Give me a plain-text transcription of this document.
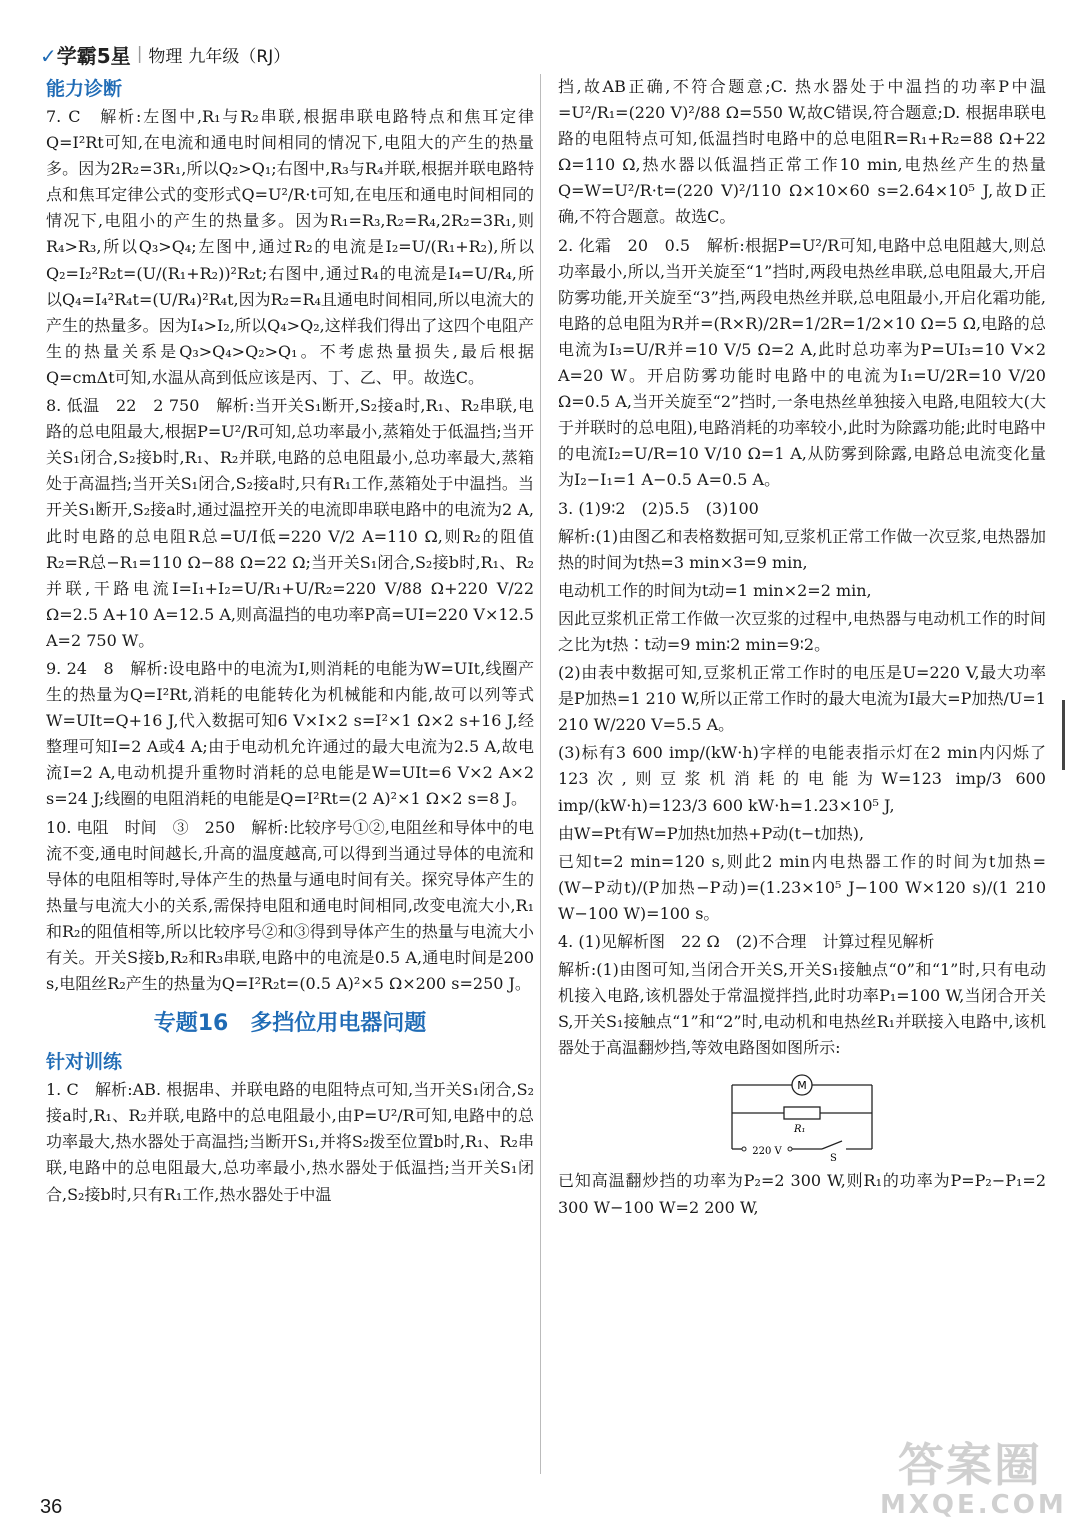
✓学霸5星 | 物理 九年级（RJ）
能力诊断

7. C　解析:左图中,R₁与R₂串联,根据串联电路特点和焦耳定律Q=I²Rt可知,在电流和通电时间相同的情况下,电阻大的产生的热量多。因为2R₂=3R₁,所以Q₂>Q₁;右图中,R₃与R₄并联,根据并联电路特点和焦耳定律公式的变形式Q=U²/R·t可知,在电压和通电时间相同的情况下,电阻小的产生的热量多。因为R₁=R₃,R₂=R₄,2R₂=3R₁,则R₄>R₃,所以Q₃>Q₄;左图中,通过R₂的电流是I₂=U/(R₁+R₂),所以Q₂=I₂²R₂t=(U/(R₁+R₂))²R₂t;右图中,通过R₄的电流是I₄=U/R₄,所以Q₄=I₄²R₄t=(U/R₄)²R₄t,因为R₂=R₄且通电时间相同,所以电流大的产生的热量多。因为I₄>I₂,所以Q₄>Q₂,这样我们得出了这四个电阻产生的热量关系是Q₃>Q₄>Q₂>Q₁。不考虑热量损失,最后根据Q=cmΔt可知,水温从高到低应该是丙、丁、乙、甲。故选C。

8. 低温　22　2 750　解析:当开关S₁断开,S₂接a时,R₁、R₂串联,电路的总电阻最大,根据P=U²/R可知,总功率最小,蒸箱处于低温挡;当开关S₁闭合,S₂接b时,R₁、R₂并联,电路的总电阻最小,总功率最大,蒸箱处于高温挡;当开关S₁闭合,S₂接a时,只有R₁工作,蒸箱处于中温挡。当开关S₁断开,S₂接a时,通过温控开关的电流即串联电路中的电流为2 A,此时电路的总电阻R总=U/I低=220 V/2 A=110 Ω,则R₂的阻值R₂=R总−R₁=110 Ω−88 Ω=22 Ω;当开关S₁闭合,S₂接b时,R₁、R₂并联,干路电流I=I₁+I₂=U/R₁+U/R₂=220 V/88 Ω+220 V/22 Ω=2.5 A+10 A=12.5 A,则高温挡的电功率P高=UI=220 V×12.5 A=2 750 W。

9. 24　8　解析:设电路中的电流为I,则消耗的电能为W=UIt,线圈产生的热量为Q=I²Rt,消耗的电能转化为机械能和内能,故可以列等式W=UIt=Q+16 J,代入数据可知6 V×I×2 s=I²×1 Ω×2 s+16 J,经整理可知I=2 A或4 A;由于电动机允许通过的最大电流为2.5 A,故电流I=2 A,电动机提升重物时消耗的总电能是W=UIt=6 V×2 A×2 s=24 J;线圈的电阻消耗的电能是Q=I²Rt=(2 A)²×1 Ω×2 s=8 J。

10. 电阻　时间　③　250　解析:比较序号①②,电阻丝和导体中的电流不变,通电时间越长,升高的温度越高,可以得到当通过导体的电流和导体的电阻相等时,导体产生的热量与通电时间有关。探究导体产生的热量与电流大小的关系,需保持电阻和通电时间相同,改变电流大小,R₁和R₂的阻值相等,所以比较序号②和③得到导体产生的热量与电流大小有关。开关S接b,R₂和R₃串联,电路中的电流是0.5 A,通电时间是200 s,电阻丝R₂产生的热量为Q=I²R₂t=(0.5 A)²×5 Ω×200 s=250 J。

专题16　多挡位用电器问题
针对训练

1. C　解析:AB. 根据串、并联电路的电阻特点可知,当开关S₁闭合,S₂接a时,R₁、R₂并联,电路中的总电阻最小,由P=U²/R可知,电路中的总功率最大,热水器处于高温挡;当断开S₁,并将S₂拨至位置b时,R₁、R₂串联,电路中的总电阻最大,总功率最小,热水器处于低温挡;当开关S₁闭合,S₂接b时,只有R₁工作,热水器处于中温

挡,故AB正确,不符合题意;C. 热水器处于中温挡的功率P中温=U²/R₁=(220 V)²/88 Ω=550 W,故C错误,符合题意;D. 根据串联电路的电阻特点可知,低温挡时电路中的总电阻R=R₁+R₂=88 Ω+22 Ω=110 Ω,热水器以低温挡正常工作10 min,电热丝产生的热量Q=W=U²/R·t=(220 V)²/110 Ω×10×60 s=2.64×10⁵ J,故D正确,不符合题意。故选C。

2. 化霜　20　0.5　解析:根据P=U²/R可知,电路中总电阻越大,则总功率最小,所以,当开关旋至“1”挡时,两段电热丝串联,总电阻最大,开启防雾功能,开关旋至“3”挡,两段电热丝并联,总电阻最小,开启化霜功能,电路的总电阻为R并=(R×R)/2R=1/2R=1/2×10 Ω=5 Ω,电路的总电流为I₃=U/R并=10 V/5 Ω=2 A,此时总功率为P=UI₃=10 V×2 A=20 W。开启防雾功能时电路中的电流为I₁=U/2R=10 V/20 Ω=0.5 A,当开关旋至“2”挡时,一条电热丝单独接入电路,电阻较大(大于并联时的总电阻),电路消耗的功率较小,此时为除露功能;此时电路中的电流I₂=U/R=10 V/10 Ω=1 A,从防雾到除露,电路总电流变化量为I₂−I₁=1 A−0.5 A=0.5 A。

3. (1)9∶2　(2)5.5　(3)100

解析:(1)由图乙和表格数据可知,豆浆机正常工作做一次豆浆,电热器加热的时间为t热=3 min×3=9 min,

电动机工作的时间为t动=1 min×2=2 min,

因此豆浆机正常工作做一次豆浆的过程中,电热器与电动机工作的时间之比为t热∶t动=9 min∶2 min=9∶2。

(2)由表中数据可知,豆浆机正常工作时的电压是U=220 V,最大功率是P加热=1 210 W,所以正常工作时的最大电流为I最大=P加热/U=1 210 W/220 V=5.5 A。

(3)标有3 600 imp/(kW·h)字样的电能表指示灯在2 min内闪烁了123次,则豆浆机消耗的电能为W=123 imp/3 600 imp/(kW·h)=123/3 600 kW·h=1.23×10⁵ J,

由W=Pt有W=P加热t加热+P动(t−t加热),

已知t=2 min=120 s,则此2 min内电热器工作的时间为t加热=(W−P动t)/(P加热−P动)=(1.23×10⁵ J−100 W×120 s)/(1 210 W−100 W)=100 s。

4. (1)见解析图　22 Ω　(2)不合理　计算过程见解析

解析:(1)由图可知,当闭合开关S,开关S₁接触点“0”和“1”时,只有电动机接入电路,该机器处于常温搅拌挡,此时功率P₁=100 W,当闭合开关S,开关S₁接触点“1”和“2”时,电动机和电热丝R₁并联接入电路中,该机器处于高温翻炒挡,等效电路图如图所示:

M
R₁
220 V
S

已知高温翻炒挡的功率为P₂=2 300 W,则R₁的功率为P=P₂−P₁=2 300 W−100 W=2 200 W,

36
答案圈
MXQE.COM
